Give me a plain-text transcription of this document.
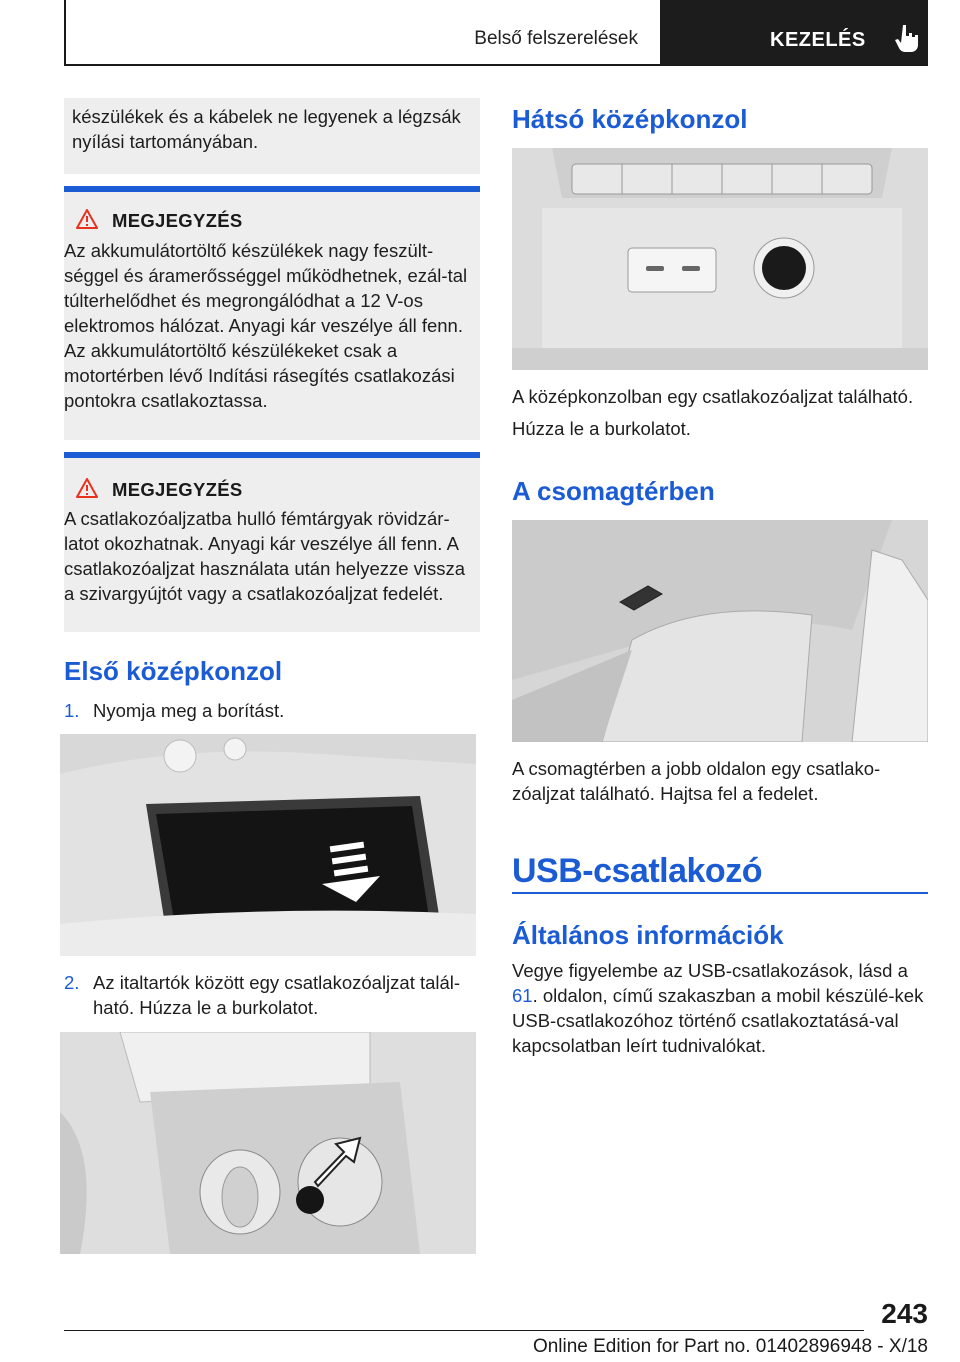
Belső felszerelések	KEZELÉS
készülékek és a kábelek ne legyenek a légzsák nyílási tartományában.
MEGJEGYZÉS
Az akkumulátortöltő készülékek nagy feszült-séggel és áramerősséggel működhetnek, ezál-tal túlterhelődhet és megrongálódhat a 12 V-os elektromos hálózat. Anyagi kár veszélye áll fenn. Az akkumulátortöltő készülékeket csak a motortérben lévő Indítási rásegítés csatlakozási pontokra csatlakoztassa.
MEGJEGYZÉS
A csatlakozóaljzatba hulló fémtárgyak rövidzár-latot okozhatnak. Anyagi kár veszélye áll fenn. A csatlakozóaljzat használata után helyezze vissza a szivargyújtót vagy a csatlakozóaljzat fedelét.
Első középkonzol
1. Nyomja meg a borítást.
2. Az italtartók között egy csatlakozóaljzat talál-ható. Húzza le a burkolatot.
Hátsó középkonzol
A középkonzolban egy csatlakozóaljzat található.
Húzza le a burkolatot.
A csomagtérben
A csomagtérben a jobb oldalon egy csatlako-zóaljzat található. Hajtsa fel a fedelet.
USB-csatlakozó
Általános információk
Vegye figyelembe az USB-csatlakozások, lásd a 61. oldalon, című szakaszban a mobil készülé-kek USB-csatlakozóhoz történő csatlakoztatásá-val kapcsolatban leírt tudnivalókat.
243
Online Edition for Part no. 01402896948 - X/18
